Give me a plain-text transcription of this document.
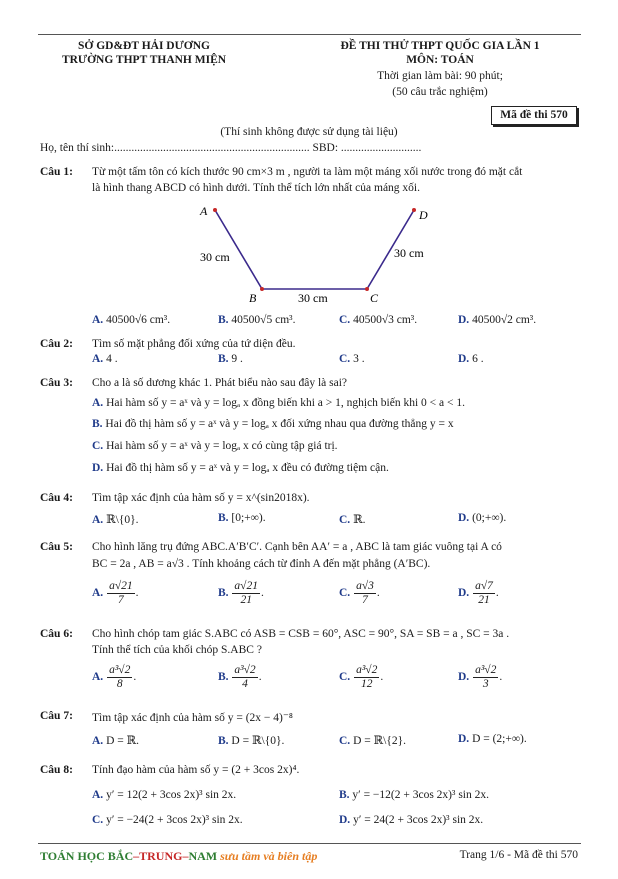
SỞ GD&ĐT HẢI DƯƠNG
TRƯỜNG THPT THANH MIỆN
ĐỀ THI THỬ THPT QUỐC GIA LẦN 1
MÔN: TOÁN
Thời gian làm bài: 90 phút;
(50 câu trắc nghiệm)
Mã đề thi 570
(Thí sinh không được sử dụng tài liệu)
Họ, tên thí sinh:.................................................................... SBD: ............................
Câu 1: Từ một tấm tôn có kích thước 90 cm×3 m , người ta làm một máng xối nước trong đó mặt cắt
là hình thang ABCD có hình dưới. Tính thể tích lớn nhất của máng xối.
A	D
B	C
30 cm
30 cm
30 cm
A. 40500√6 cm³.	B. 40500√5 cm³.	C. 40500√3 cm³.	D. 40500√2 cm³.
Câu 2: Tìm số mặt phẳng đối xứng của tứ diện đều.
A. 4 .	B. 9 .	C. 3 .	D. 6 .
Câu 3: Cho a là số dương khác 1. Phát biểu nào sau đây là sai?
A. Hai hàm số y = aˣ và y = logₐ x đồng biến khi a > 1, nghịch biến khi 0 < a < 1.
B. Hai đồ thị hàm số y = aˣ và y = logₐ x đối xứng nhau qua đường thẳng y = x
C. Hai hàm số y = aˣ và y = logₐ x có cùng tập giá trị.
D. Hai đồ thị hàm số y = aˣ và y = logₐ x đều có đường tiệm cận.
Câu 4: Tìm tập xác định của hàm số y = x^(sin2018x).
A. ℝ\{0}.	B. [0;+∞).	C. ℝ.	D. (0;+∞).
Câu 5: Cho hình lăng trụ đứng ABC.A′B′C′. Cạnh bên AA′ = a , ABC là tam giác vuông tại A có
BC = 2a , AB = a√3 . Tính khoảng cách từ đỉnh A đến mặt phẳng (A′BC).
A. $\frac{a√21}{7}$ .	B. $\frac{a√21}{21}$ .	C. $\frac{a√3}{7}$ .	D. $\frac{a√7}{21}$ .
Câu 6: Cho hình chóp tam giác S.ABC có ASB = CSB = 60°, ASC = 90°, SA = SB = a , SC = 3a .
Tính thể tích của khối chóp S.ABC ?
A. $\frac{\text{a³√2}}{8}$ .	B. $\frac{\text{a³√2}}{4}$ .	C. $\frac{\text{a³√2}}{12}$ .	D. $\frac{\text{a³√2}}{3}$ .
Câu 7: Tìm tập xác định của hàm số y = (2x − 4)⁻⁸
A. D = ℝ.	B. D = ℝ\{0}.	C. D = ℝ\{2}.	D. D = (2;+∞).
Câu 8: Tính đạo hàm của hàm số y = (2 + 3cos 2x)⁴.
A. y′ = 12(2 + 3cos 2x)³ sin 2x.	B. y′ = −12(2 + 3cos 2x)³ sin 2x.
C. y′ = −24(2 + 3cos 2x)³ sin 2x.	D. y′ = 24(2 + 3cos 2x)³ sin 2x.
TOÁN HỌC BẮC–TRUNG–NAM sưu tầm và biên tập	Trang 1/6 - Mã đề thi 570
